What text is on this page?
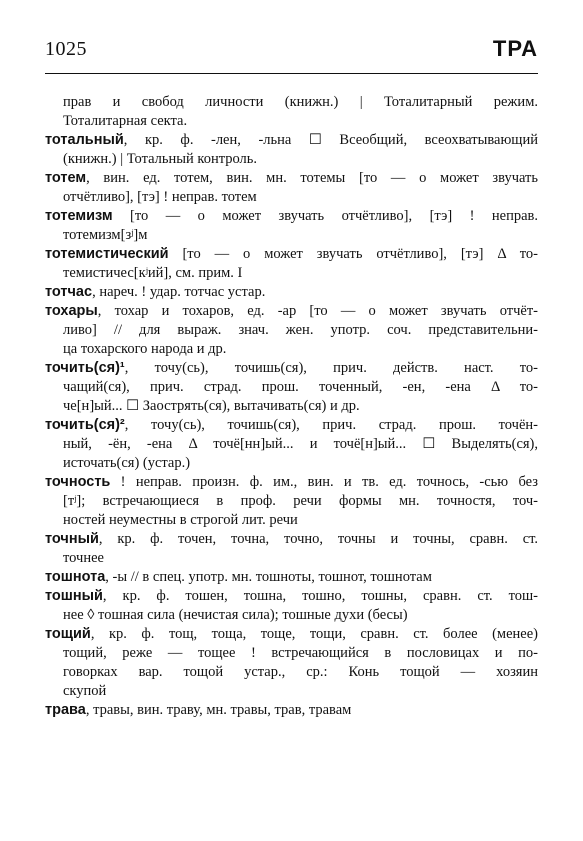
1025	ТРА
прав и свобод личности (книжн.) | Тоталитарный режим.
Тоталитарная секта.
тотальный, кр. ф. -лен, -льна ☐ Всеобщий, всеохватывающий
(книжн.) | Тотальный контроль.
тотем, вин. ед. тотем, вин. мн. тотемы [то — о может звучать
отчётливо], [тэ] ! неправ. тотем
тотемизм [то — о может звучать отчётливо], [тэ] ! неправ.
тотемизм[зʲ]м
тотемистический [то — о может звучать отчётливо], [тэ] Δ то-
темистичес[кʲий], см. прим. I
тотчас, нареч. ! удар. тотчас устар.
тохары, тохар и тохаров, ед. -ар [то — о может звучать отчёт-
ливо] // для выраж. знач. жен. употр. соч. представительни-
ца тохарского народа и др.
точить(ся)¹, точу(сь), точишь(ся), прич. действ. наст. то-
чащий(ся), прич. страд. прош. точенный, -ен, -ена Δ то-
че[н]ый... ☐ Заострять(ся), вытачивать(ся) и др.
точить(ся)², точу(сь), точишь(ся), прич. страд. прош. точён-
ный, -ён, -ена Δ точё[нн]ый... и точё[н]ый... ☐ Выделять(ся),
источать(ся) (устар.)
точность ! неправ. произн. ф. им., вин. и тв. ед. точнось, -сью без
[тʲ]; встречающиеся в проф. речи формы мн. точностя, точ-
ностей неуместны в строгой лит. речи
точный, кр. ф. точен, точна, точно, точны и точны, сравн. ст.
точнее
тошнота, -ы // в спец. употр. мн. тошноты, тошнот, тошнотам
тошный, кр. ф. тошен, тошна, тошно, тошны, сравн. ст. тош-
нее ◊ тошная сила (нечистая сила); тошные духи (бесы)
тощий, кр. ф. тощ, тоща, тоще, тощи, сравн. ст. более (менее)
тощий, реже — тощее ! встречающийся в пословицах и по-
говорках вар. тощой устар., ср.: Конь тощой — хозяин
скупой
трава, травы, вин. траву, мн. травы, трав, травам
